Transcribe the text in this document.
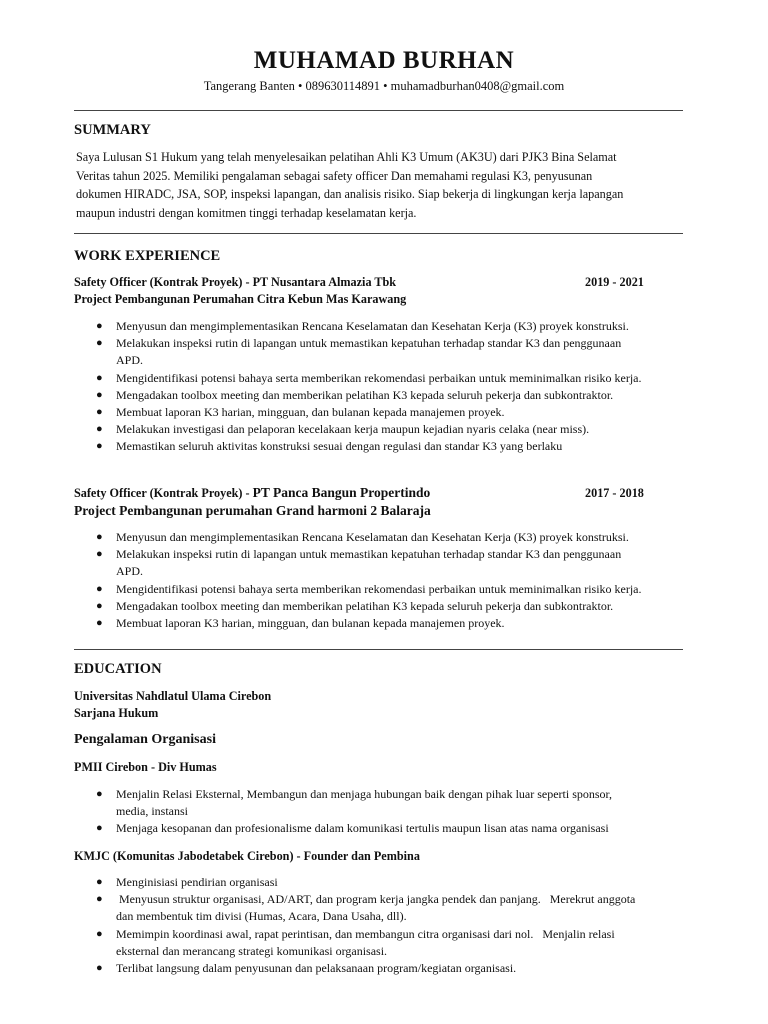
MUHAMAD BURHAN
Tangerang Banten • 089630114891 • muhamadburhan0408@gmail.com
SUMMARY
Saya Lulusan S1 Hukum yang telah menyelesaikan pelatihan Ahli K3 Umum (AK3U) dari PJK3 Bina Selamat
Veritas tahun 2025. Memiliki pengalaman sebagai safety officer Dan memahami regulasi K3, penyusunan
dokumen HIRADC, JSA, SOP, inspeksi lapangan, dan analisis risiko. Siap bekerja di lingkungan kerja lapangan
maupun industri dengan komitmen tinggi terhadap keselamatan kerja.
WORK EXPERIENCE
Safety Officer (Kontrak Proyek) - PT Nusantara Almazia Tbk	2019 - 2021
Project Pembangunan Perumahan Citra Kebun Mas Karawang
● Menyusun dan mengimplementasikan Rencana Keselamatan dan Kesehatan Kerja (K3) proyek konstruksi.
● Melakukan inspeksi rutin di lapangan untuk memastikan kepatuhan terhadap standar K3 dan penggunaan
APD.
● Mengidentifikasi potensi bahaya serta memberikan rekomendasi perbaikan untuk meminimalkan risiko kerja.
● Mengadakan toolbox meeting dan memberikan pelatihan K3 kepada seluruh pekerja dan subkontraktor.
● Membuat laporan K3 harian, mingguan, dan bulanan kepada manajemen proyek.
● Melakukan investigasi dan pelaporan kecelakaan kerja maupun kejadian nyaris celaka (near miss).
● Memastikan seluruh aktivitas konstruksi sesuai dengan regulasi dan standar K3 yang berlaku
Safety Officer (Kontrak Proyek) - PT Panca Bangun Propertindo	2017 - 2018
Project Pembangunan perumahan Grand harmoni 2 Balaraja
● Menyusun dan mengimplementasikan Rencana Keselamatan dan Kesehatan Kerja (K3) proyek konstruksi.
● Melakukan inspeksi rutin di lapangan untuk memastikan kepatuhan terhadap standar K3 dan penggunaan
APD.
● Mengidentifikasi potensi bahaya serta memberikan rekomendasi perbaikan untuk meminimalkan risiko kerja.
● Mengadakan toolbox meeting dan memberikan pelatihan K3 kepada seluruh pekerja dan subkontraktor.
● Membuat laporan K3 harian, mingguan, dan bulanan kepada manajemen proyek.
EDUCATION
Universitas Nahdlatul Ulama Cirebon
Sarjana Hukum
Pengalaman Organisasi
PMII Cirebon - Div Humas
● Menjalin Relasi Eksternal, Membangun dan menjaga hubungan baik dengan pihak luar seperti sponsor,
media, instansi
● Menjaga kesopanan dan profesionalisme dalam komunikasi tertulis maupun lisan atas nama organisasi
KMJC (Komunitas Jabodetabek Cirebon) - Founder dan Pembina
● Menginisiasi pendirian organisasi
● Menyusun struktur organisasi, AD/ART, dan program kerja jangka pendek dan panjang.   Merekrut anggota
dan membentuk tim divisi (Humas, Acara, Dana Usaha, dll).
● Memimpin koordinasi awal, rapat perintisan, dan membangun citra organisasi dari nol.   Menjalin relasi
eksternal dan merancang strategi komunikasi organisasi.
● Terlibat langsung dalam penyusunan dan pelaksanaan program/kegiatan organisasi.
